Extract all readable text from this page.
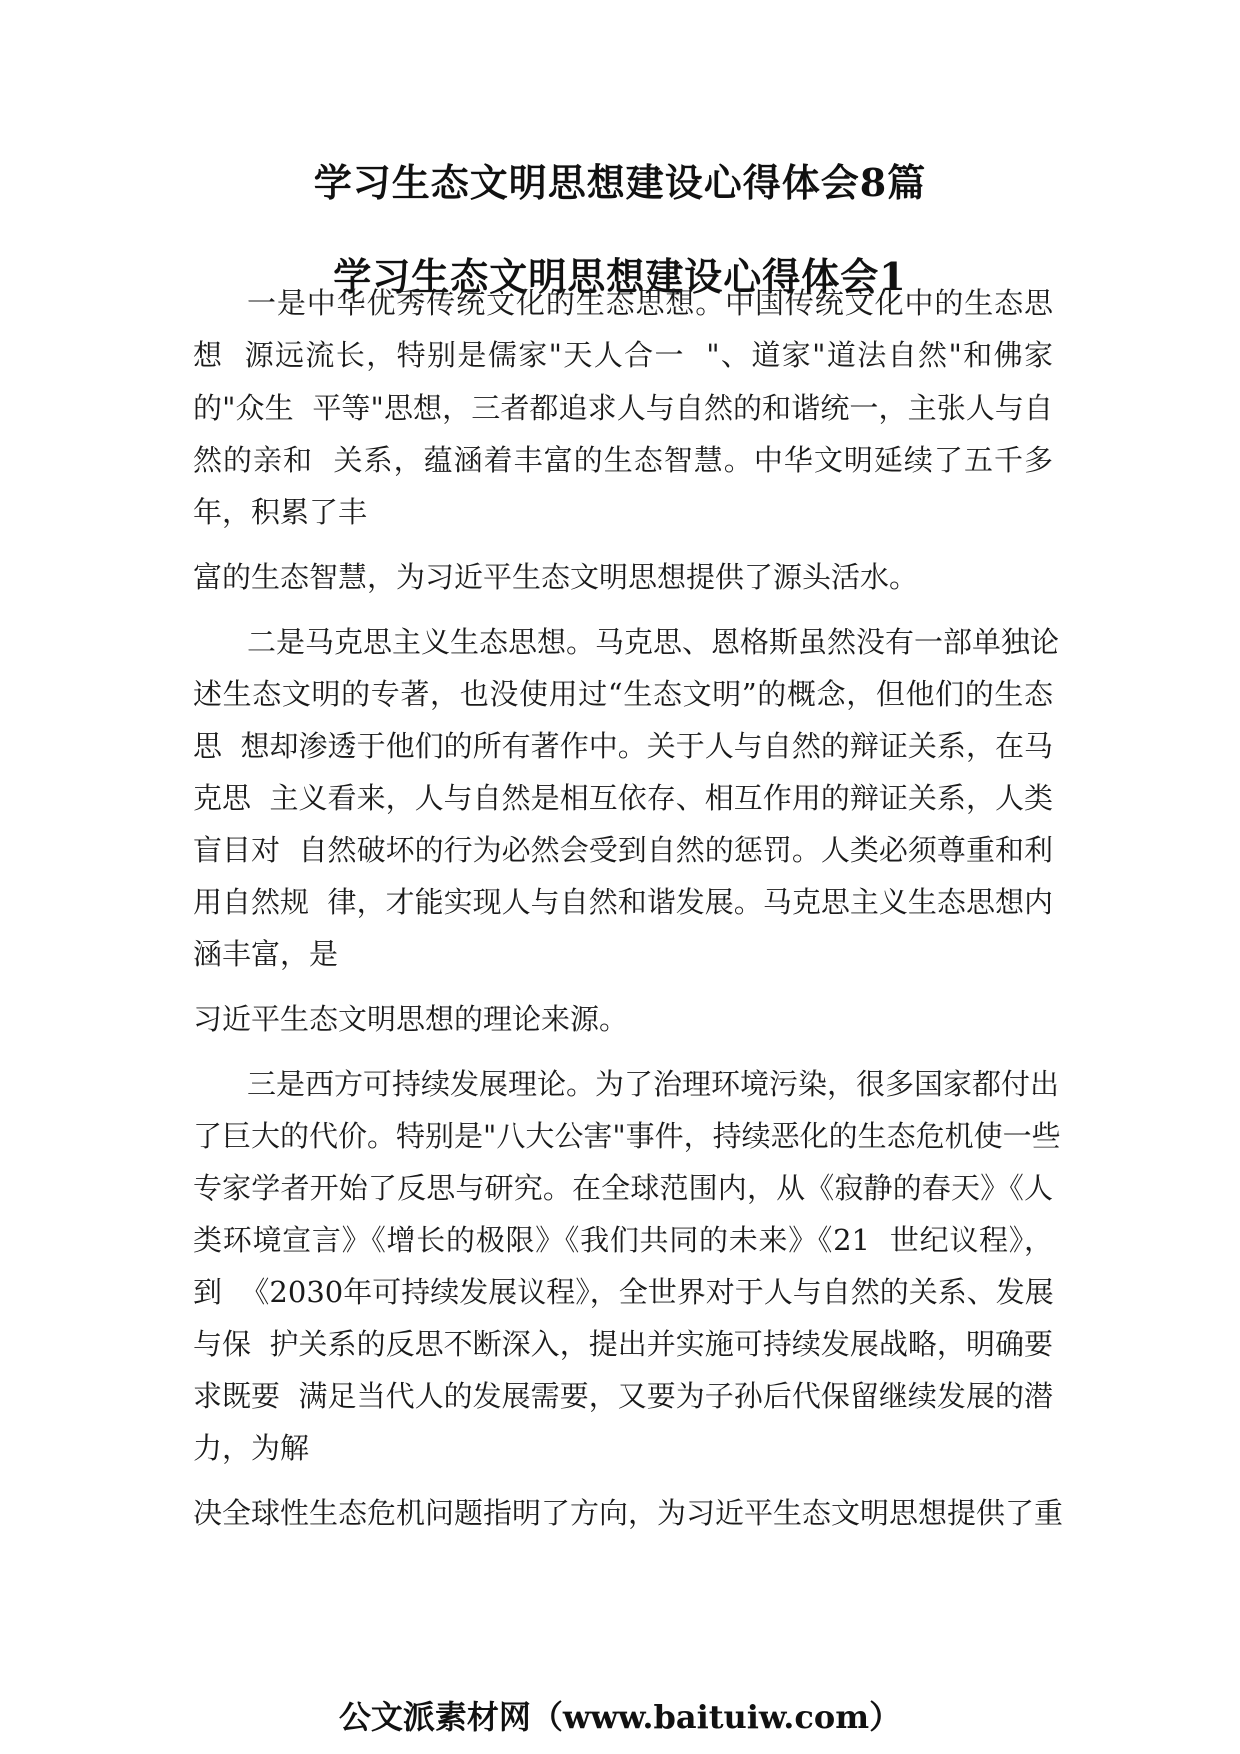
学习生态文明思想建设心得体会8篇
学习生态文明思想建设心得体会1
一是中华优秀传统文化的生态思想。中国传统文化中的生态思
想  源远流长，特别是儒家"天人合一  "、道家"道法自然"和佛家
的"众生  平等"思想，三者都追求人与自然的和谐统一，主张人与自
然的亲和  关系，蕴涵着丰富的生态智慧。中华文明延续了五千多
年，积累了丰
富的生态智慧，为习近平生态文明思想提供了源头活水。
二是马克思主义生态思想。马克思、恩格斯虽然没有一部单独论
述生态文明的专著，也没使用过“生态文明”的概念，但他们的生态
思  想却渗透于他们的所有著作中。关于人与自然的辩证关系，在马
克思  主义看来，人与自然是相互依存、相互作用的辩证关系，人类
盲目对  自然破坏的行为必然会受到自然的惩罚。人类必须尊重和利
用自然规  律，才能实现人与自然和谐发展。马克思主义生态思想内
涵丰富，是
习近平生态文明思想的理论来源。
三是西方可持续发展理论。为了治理环境污染，很多国家都付出
了巨大的代价。特别是"八大公害"事件，持续恶化的生态危机使一些
专家学者开始了反思与研究。在全球范围内，从《寂静的春天》《人
类环境宣言》《增长的极限》《我们共同的未来》《21  世纪议程》，
到  《2030年可持续发展议程》，全世界对于人与自然的关系、发展
与保  护关系的反思不断深入，提出并实施可持续发展战略，明确要
求既要  满足当代人的发展需要，又要为子孙后代保留继续发展的潜
力，为解
决全球性生态危机问题指明了方向，为习近平生态文明思想提供了重
公文派素材网（www.baituiw.com）
